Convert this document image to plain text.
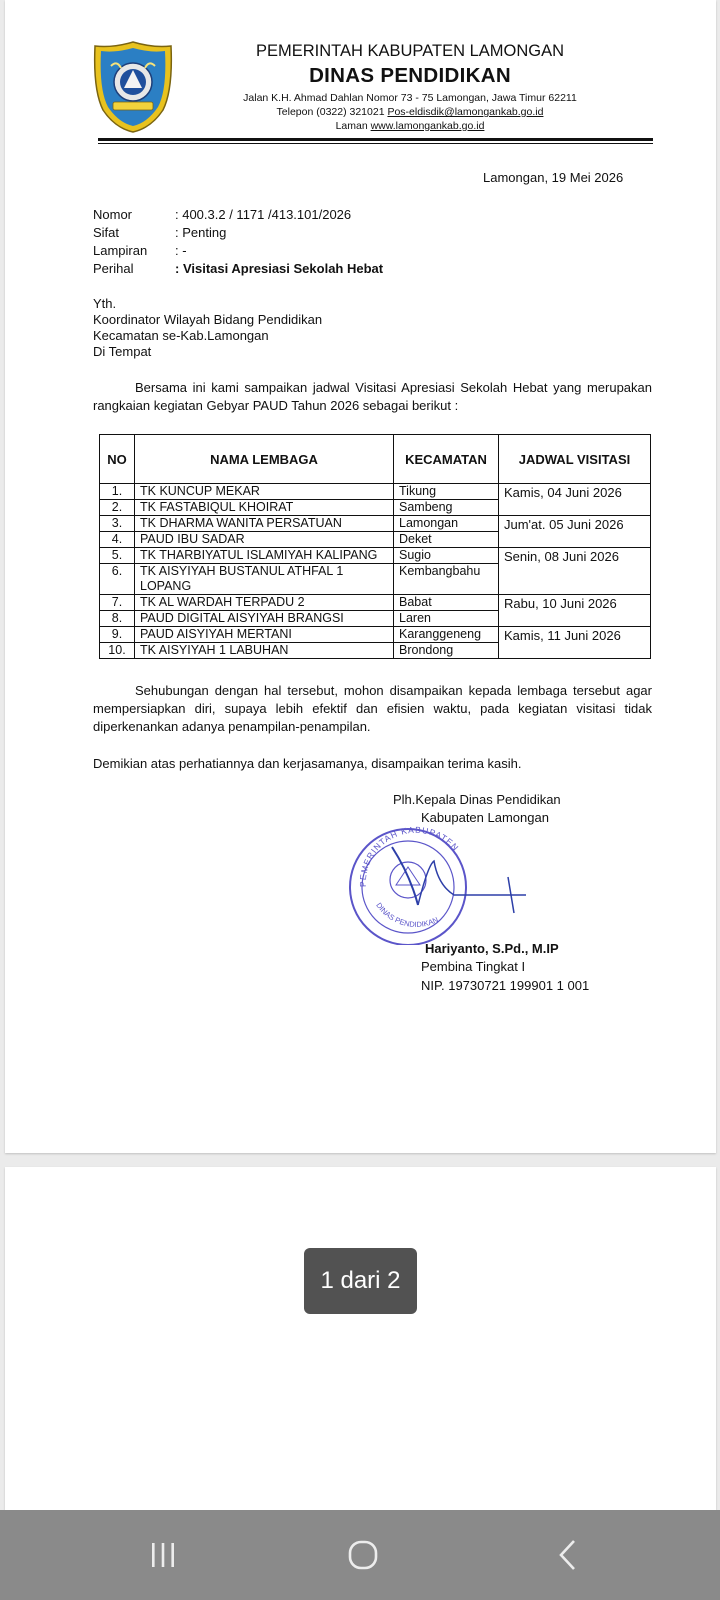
PEMERINTAH KABUPATEN LAMONGAN
DINAS PENDIDIKAN
Jalan K.H. Ahmad Dahlan Nomor 73 - 75 Lamongan, Jawa Timur 62211
Telepon (0322) 321021 Pos-eldisdik@lamongankab.go.id
Laman www.lamongankab.go.id
Lamongan, 19 Mei 2026
Nomor	: 400.3.2 / 1171 /413.101/2026
Sifat	: Penting
Lampiran : -
Perihal	: Visitasi Apresiasi Sekolah Hebat
Yth.
Koordinator Wilayah Bidang Pendidikan
Kecamatan se-Kab.Lamongan
Di Tempat
Bersama ini kami sampaikan jadwal Visitasi Apresiasi Sekolah Hebat yang merupakan rangkaian kegiatan Gebyar PAUD Tahun 2026 sebagai berikut :
NO	NAMA LEMBAGA	KECAMATAN	JADWAL VISITASI
1.	TK KUNCUP MEKAR	Tikung	Kamis, 04 Juni 2026
2.	TK FASTABIQUL KHOIRAT	Sambeng	
3.	TK DHARMA WANITA PERSATUAN	Lamongan	Jum'at. 05 Juni 2026
4.	PAUD IBU SADAR	Deket	
5.	TK THARBIYATUL ISLAMIYAH KALIPANG	Sugio	Senin, 08 Juni 2026
6.	TK AISYIYAH BUSTANUL ATHFAL 1 LOPANG	Kembangbahu	
7.	TK AL WARDAH TERPADU 2	Babat	Rabu, 10 Juni 2026
8.	PAUD DIGITAL AISYIYAH BRANGSI	Laren	
9.	PAUD AISYIYAH MERTANI	Karanggeneng	Kamis, 11 Juni 2026
10.	TK AISYIYAH 1 LABUHAN	Brondong	
Sehubungan dengan hal tersebut, mohon disampaikan kepada lembaga tersebut agar mempersiapkan diri, supaya lebih efektif dan efisien waktu, pada kegiatan visitasi tidak diperkenankan adanya penampilan-penampilan.
Demikian atas perhatiannya dan kerjasamanya, disampaikan terima kasih.
Plh.Kepala Dinas Pendidikan
Kabupaten Lamongan
PEMERINTAH KABUPATEN
DINAS PENDIDIKAN
Hariyanto, S.Pd., M.IP
Pembina Tingkat I
NIP. 19730721 199901 1 001
1 dari 2
